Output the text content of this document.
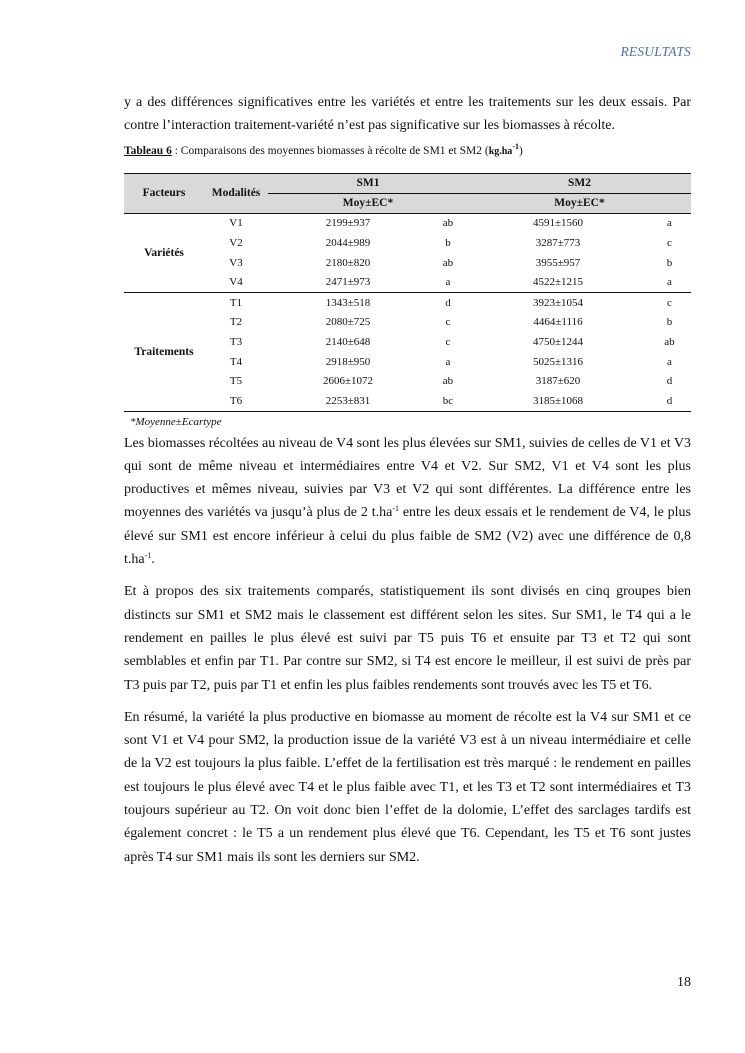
RESULTATS

y a des différences significatives entre les variétés et entre les traitements sur les deux essais. Par contre l’interaction traitement-variété n’est pas significative sur les biomasses à récolte.

Tableau 6 : Comparaisons des moyennes biomasses à récolte de SM1 et SM2 $(kg.ha^{-1})$
Facteurs	Modalités	SM1		SM2	
		Moy±EC*		Moy±EC*	
Variétés	V1	2199±937	ab	4591±1560	a
	V2	2044±989	b	3287±773	c
	V3	2180±820	ab	3955±957	b
	V4	2471±973	a	4522±1215	a
Traitements	T1	1343±518	d	3923±1054	c
	T2	2080±725	c	4464±1116	b
	T3	2140±648	c	4750±1244	ab
	T4	2918±950	a	5025±1316	a
	T5	2606±1072	ab	3187±620	d
	T6	2253±831	bc	3185±1068	d
*Moyenne±Ecartype

Les biomasses récoltées au niveau de V4 sont les plus élevées sur SM1, suivies de celles de V1 et V3 qui sont de même niveau et intermédiaires entre V4 et V2. Sur SM2, V1 et V4 sont les plus productives et mêmes niveau, suivies par V3 et V2 qui sont différentes. La différence entre les moyennes des variétés va jusqu’à plus de 2 $t.ha^{-1}$ entre les deux essais et le rendement de V4, le plus élevé sur SM1 est encore inférieur à celui du plus faible de SM2 (V2) avec une différence de 0,8 $t.ha^{-1}$.

Et à propos des six traitements comparés, statistiquement ils sont divisés en cinq groupes bien distincts sur SM1 et SM2 mais le classement est différent selon les sites. Sur SM1, le T4 qui a le rendement en pailles le plus élevé est suivi par T5 puis T6 et ensuite par T3 et T2 qui sont semblables et enfin par T1. Par contre sur SM2, si T4 est encore le meilleur, il est suivi de près par T3 puis par T2, puis par T1 et enfin les plus faibles rendements sont trouvés avec les T5 et T6.

En résumé, la variété la plus productive en biomasse au moment de récolte est la V4 sur SM1 et ce sont V1 et V4 pour SM2, la production issue de la variété V3 est à un niveau intermédiaire et celle de la V2 est toujours la plus faible. L’effet de la fertilisation est très marqué : le rendement en pailles est toujours le plus élevé avec T4 et le plus faible avec T1, et les T3 et T2 sont intermédiaires et T3 toujours supérieur au T2. On voit donc bien l’effet de la dolomie, L’effet des sarclages tardifs est également concret : le T5 a un rendement plus élevé que T6. Cependant, les T5 et T6 sont justes après T4 sur SM1 mais ils sont les derniers sur SM2.

18
